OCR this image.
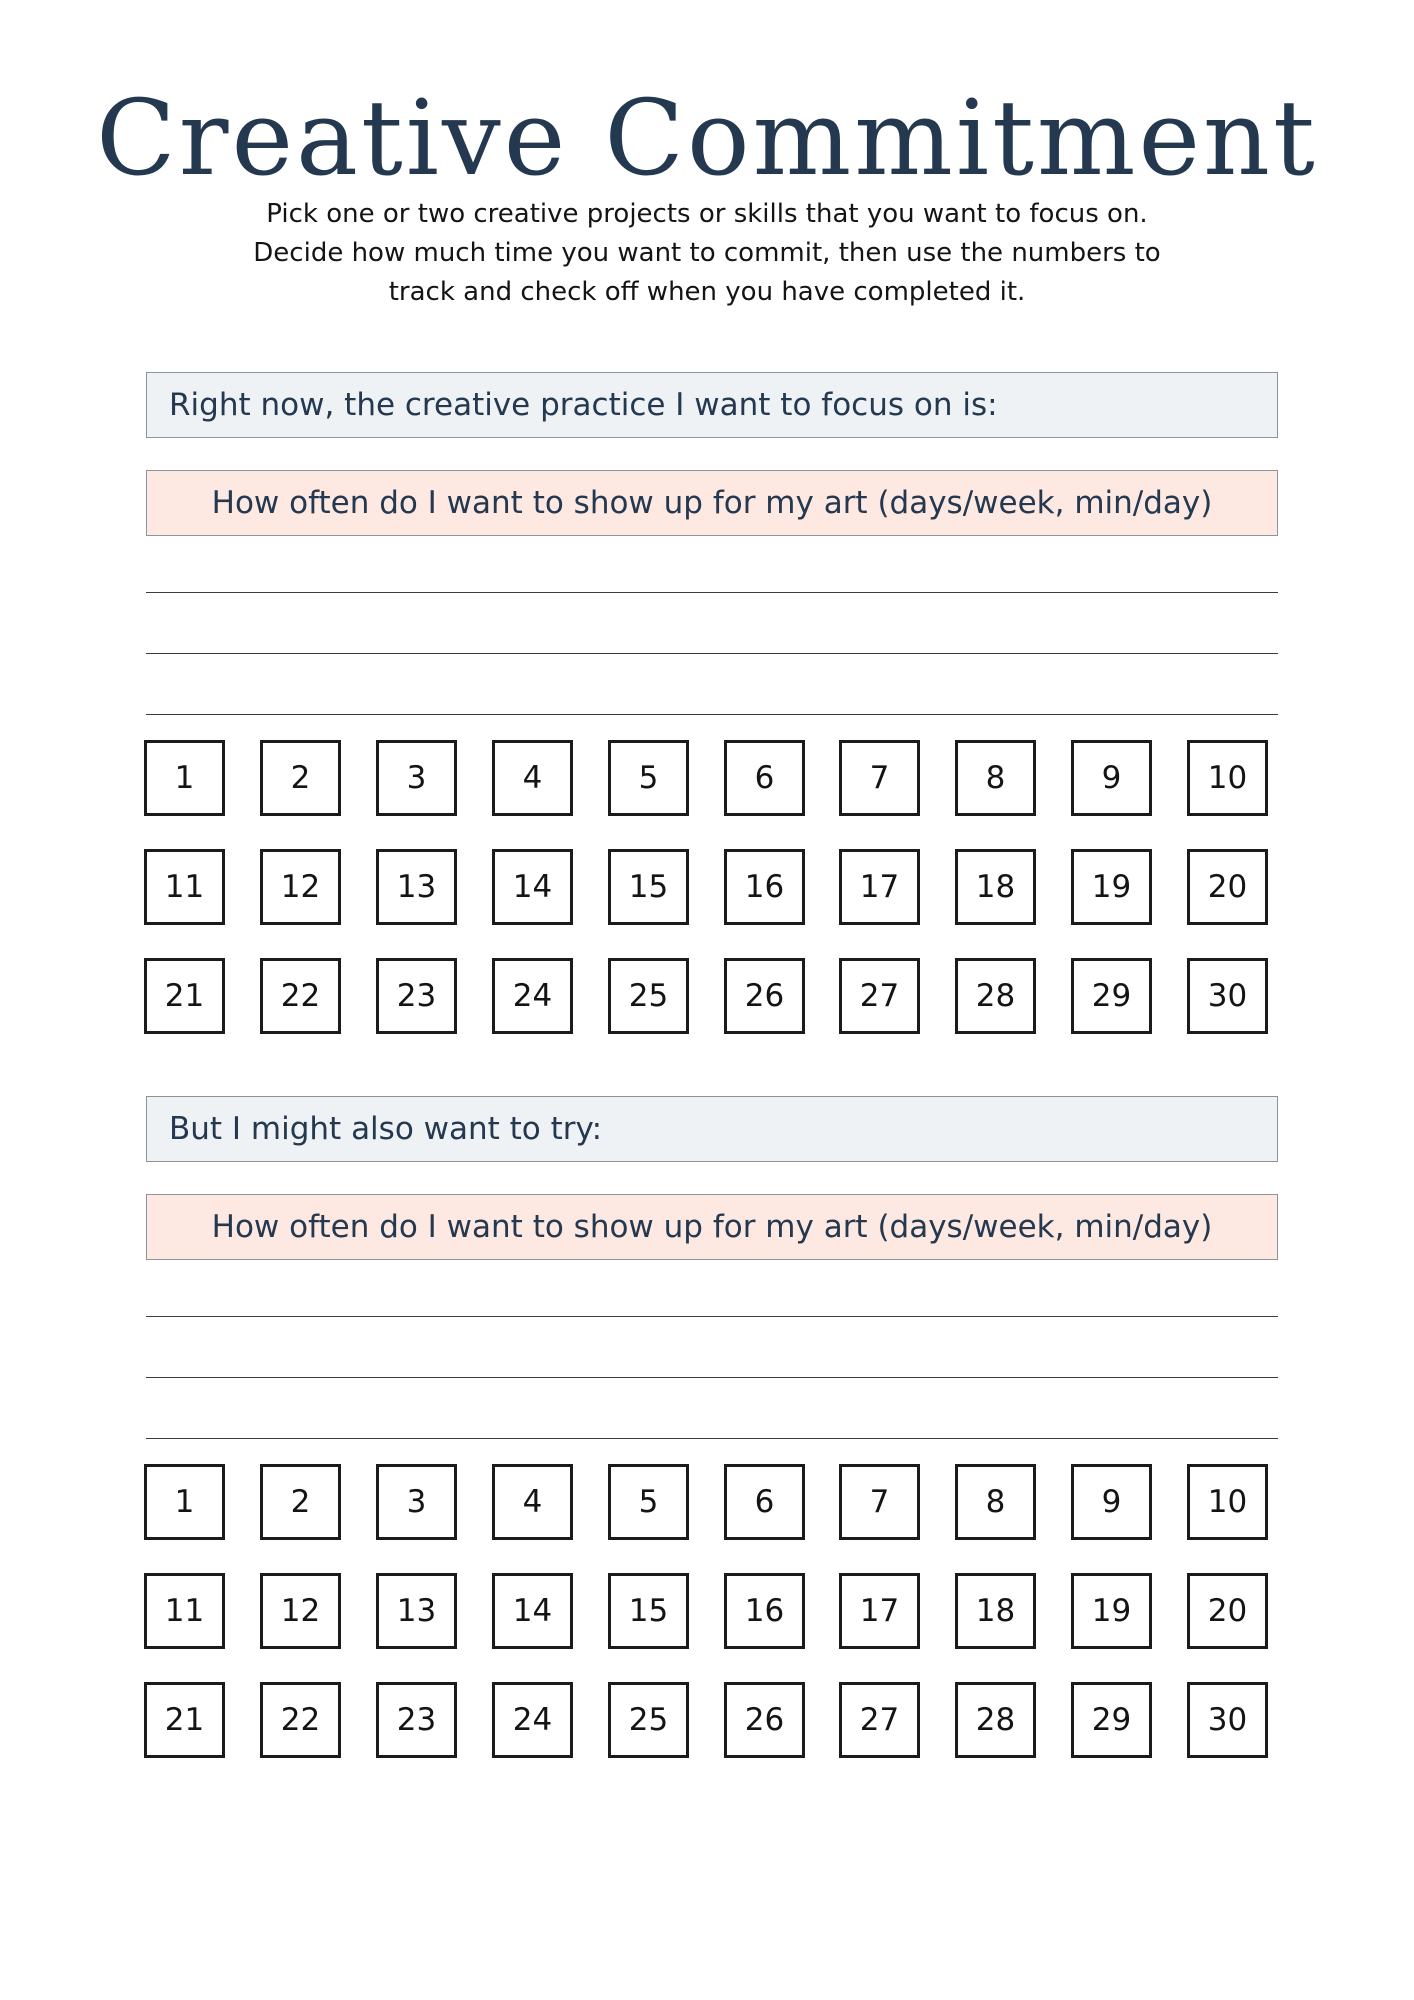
Creative Commitment
Pick one or two creative projects or skills that you want to focus on.
Decide how much time you want to commit, then use the numbers to
track and check off when you have completed it.
Right now, the creative practice I want to focus on is:
How often do I want to show up for my art (days/week, min/day)
1	2	3	4	5	6	7	8	9	10
11	12	13	14	15	16	17	18	19	20
21	22	23	24	25	26	27	28	29	30
But I might also want to try:
How often do I want to show up for my art (days/week, min/day)
1	2	3	4	5	6	7	8	9	10
11	12	13	14	15	16	17	18	19	20
21	22	23	24	25	26	27	28	29	30
